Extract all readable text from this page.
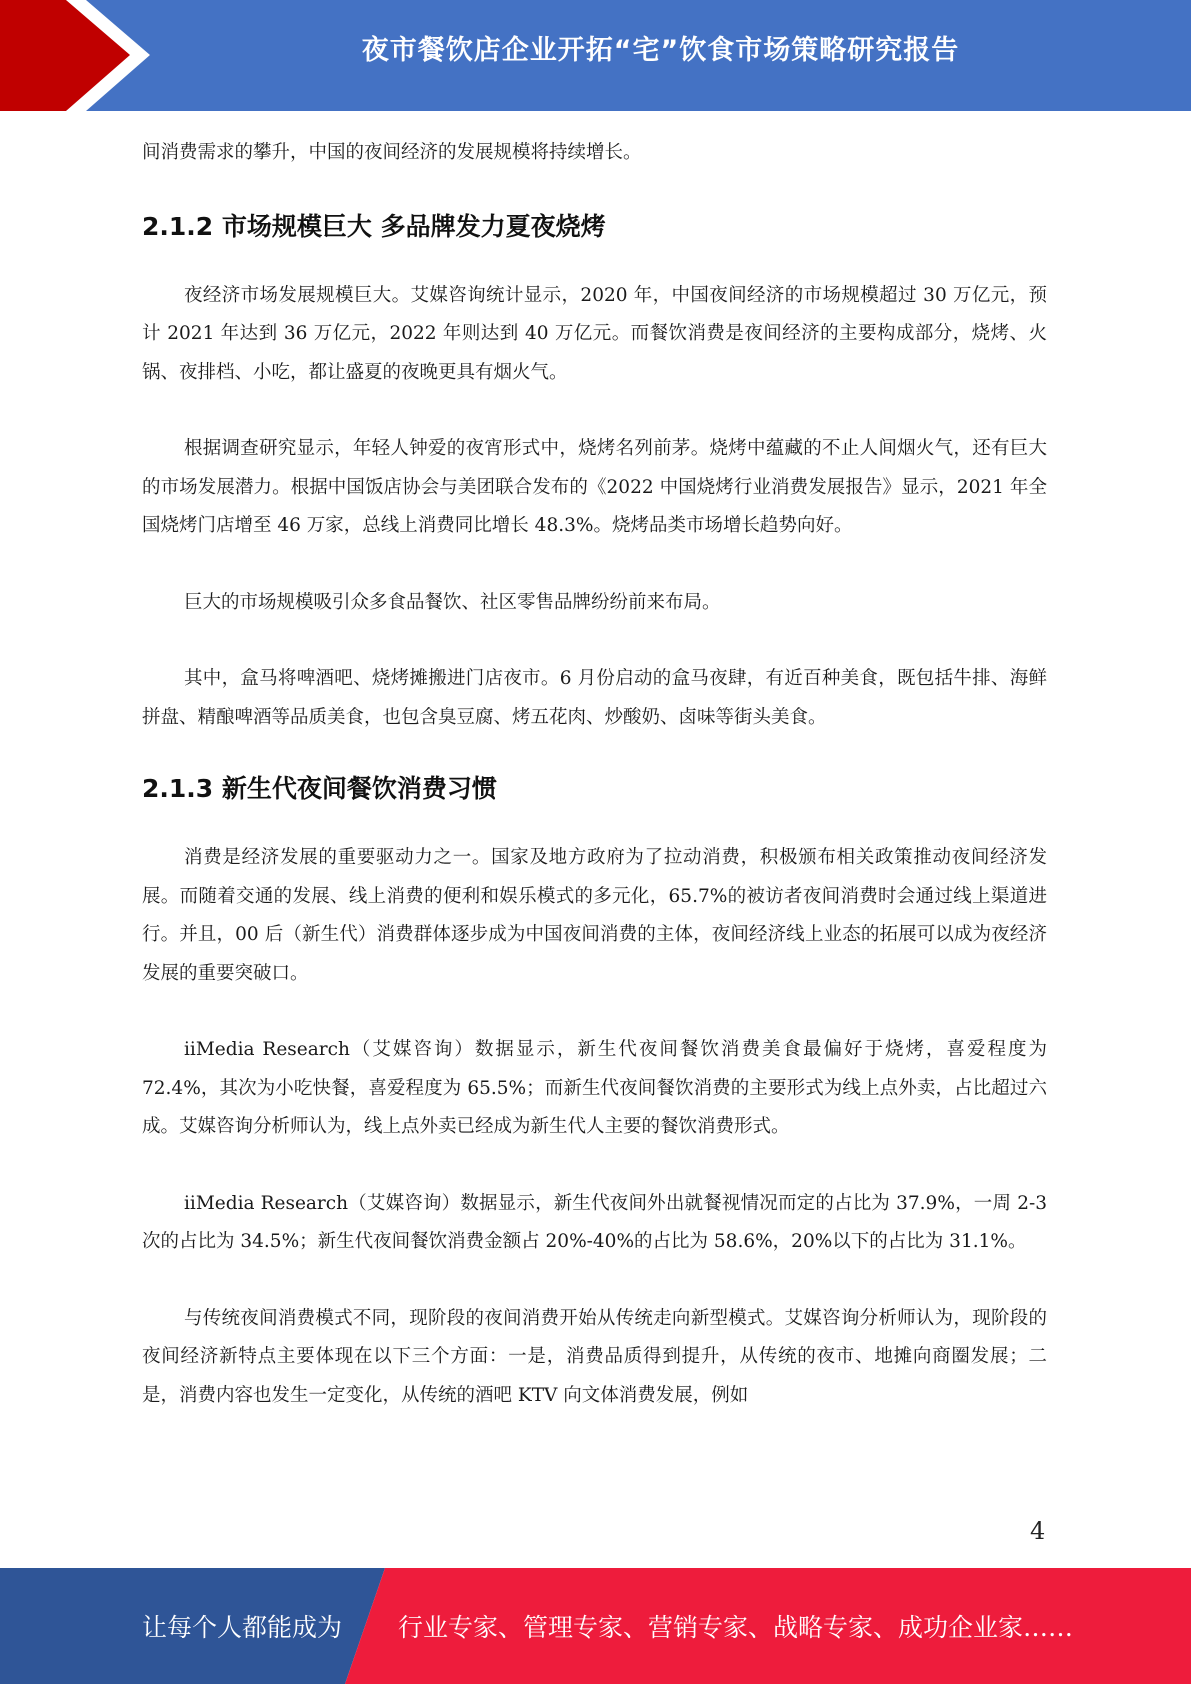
夜市餐饮店企业开拓“宅”饮食市场策略研究报告

间消费需求的攀升，中国的夜间经济的发展规模将持续增长。

2.1.2 市场规模巨大 多品牌发力夏夜烧烤

夜经济市场发展规模巨大。艾媒咨询统计显示，2020 年，中国夜间经济的市场规模超过 30 万亿元，预计 2021 年达到 36 万亿元，2022 年则达到 40 万亿元。而餐饮消费是夜间经济的主要构成部分，烧烤、火锅、夜排档、小吃，都让盛夏的夜晚更具有烟火气。

根据调查研究显示，年轻人钟爱的夜宵形式中，烧烤名列前茅。烧烤中蕴藏的不止人间烟火气，还有巨大的市场发展潜力。根据中国饭店协会与美团联合发布的《2022 中国烧烤行业消费发展报告》显示，2021 年全国烧烤门店增至 46 万家，总线上消费同比增长 48.3%。烧烤品类市场增长趋势向好。

巨大的市场规模吸引众多食品餐饮、社区零售品牌纷纷前来布局。

其中，盒马将啤酒吧、烧烤摊搬进门店夜市。6 月份启动的盒马夜肆，有近百种美食，既包括牛排、海鲜拼盘、精酿啤酒等品质美食，也包含臭豆腐、烤五花肉、炒酸奶、卤味等街头美食。

2.1.3 新生代夜间餐饮消费习惯

消费是经济发展的重要驱动力之一。国家及地方政府为了拉动消费，积极颁布相关政策推动夜间经济发展。而随着交通的发展、线上消费的便利和娱乐模式的多元化，65.7%的被访者夜间消费时会通过线上渠道进行。并且，00 后（新生代）消费群体逐步成为中国夜间消费的主体，夜间经济线上业态的拓展可以成为夜经济发展的重要突破口。

iiMedia Research（艾媒咨询）数据显示，新生代夜间餐饮消费美食最偏好于烧烤，喜爱程度为 72.4%，其次为小吃快餐，喜爱程度为 65.5%；而新生代夜间餐饮消费的主要形式为线上点外卖，占比超过六成。艾媒咨询分析师认为，线上点外卖已经成为新生代人主要的餐饮消费形式。

iiMedia Research（艾媒咨询）数据显示，新生代夜间外出就餐视情况而定的占比为 37.9%，一周 2-3 次的占比为 34.5%；新生代夜间餐饮消费金额占 20%-40%的占比为 58.6%，20%以下的占比为 31.1%。

与传统夜间消费模式不同，现阶段的夜间消费开始从传统走向新型模式。艾媒咨询分析师认为，现阶段的夜间经济新特点主要体现在以下三个方面：一是，消费品质得到提升，从传统的夜市、地摊向商圈发展；二是，消费内容也发生一定变化，从传统的酒吧 KTV 向文体消费发展，例如

4
让每个人都能成为 行业专家、管理专家、营销专家、战略专家、成功企业家……
